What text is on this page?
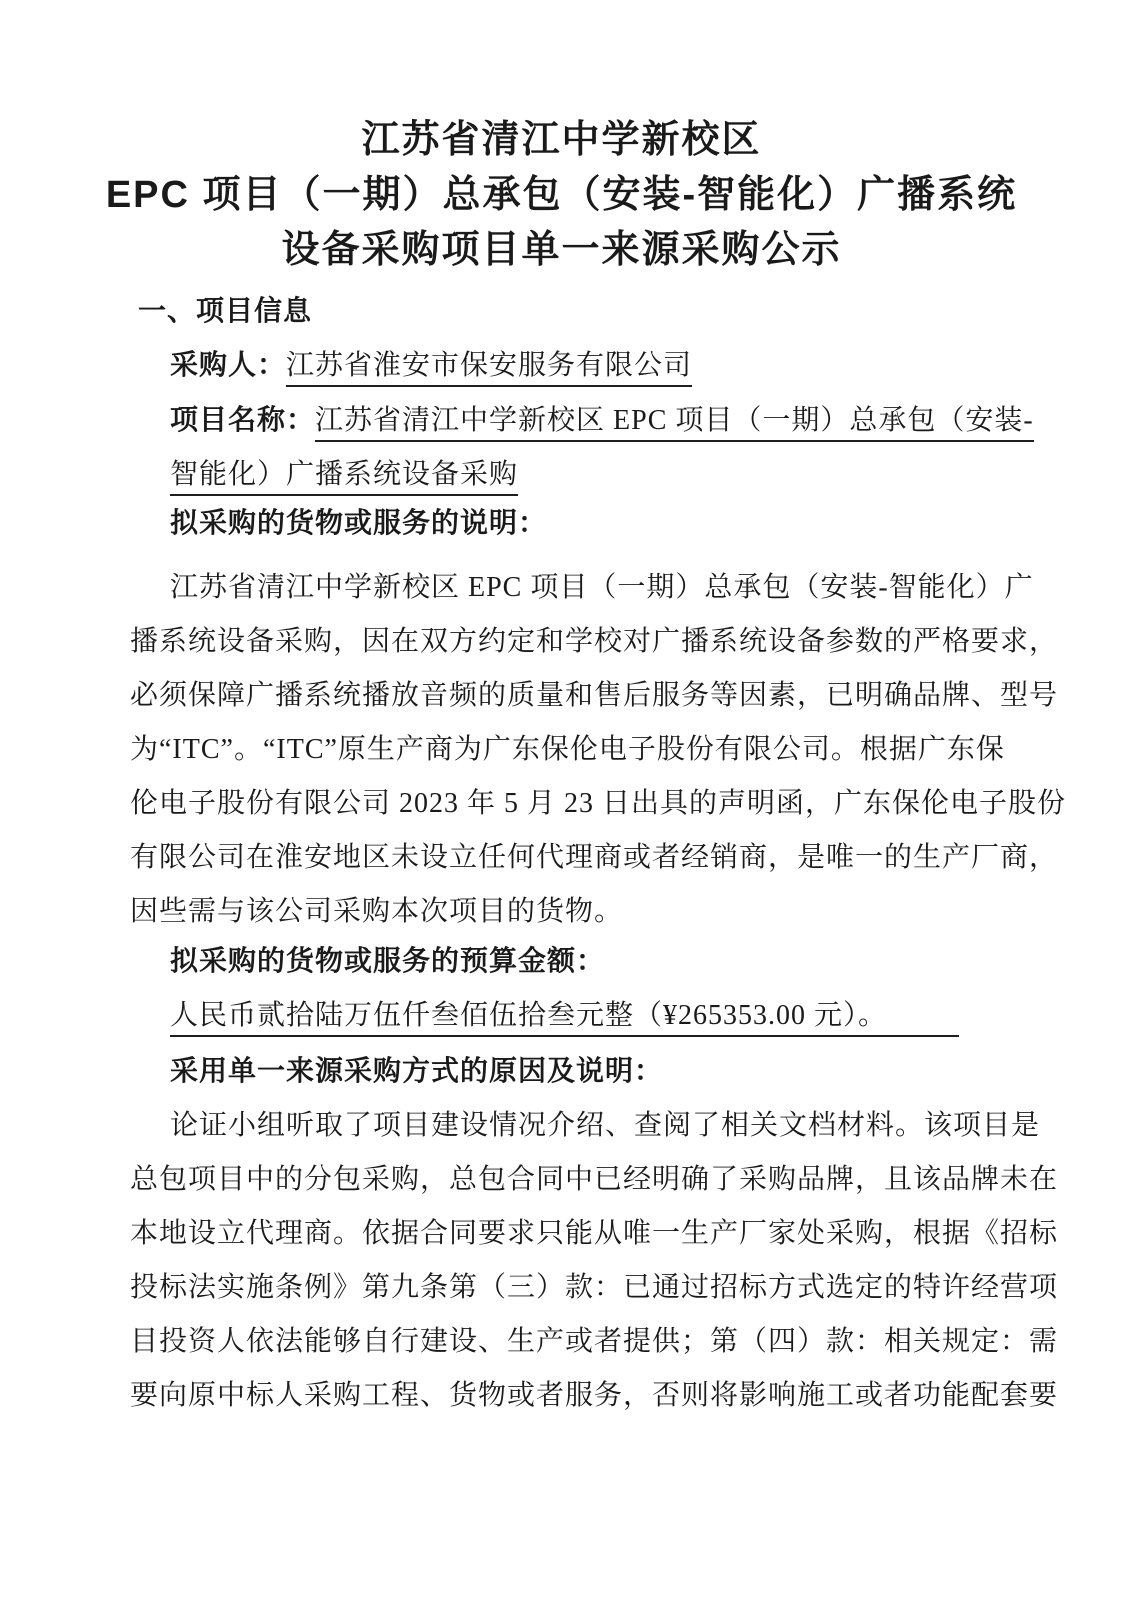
江苏省清江中学新校区
EPC 项目（一期）总承包（安装-智能化）广播系统
设备采购项目单一来源采购公示
一、项目信息
采购人：江苏省淮安市保安服务有限公司
项目名称：江苏省清江中学新校区 EPC 项目（一期）总承包（安装-
智能化）广播系统设备采购
拟采购的货物或服务的说明：
江苏省清江中学新校区 EPC 项目（一期）总承包（安装-智能化）广
播系统设备采购，因在双方约定和学校对广播系统设备参数的严格要求，
必须保障广播系统播放音频的质量和售后服务等因素，已明确品牌、型号
为“ITC”。“ITC”原生产商为广东保伦电子股份有限公司。根据广东保
伦电子股份有限公司 2023 年 5 月 23 日出具的声明函，广东保伦电子股份
有限公司在淮安地区未设立任何代理商或者经销商，是唯一的生产厂商，
因些需与该公司采购本次项目的货物。
拟采购的货物或服务的预算金额：
人民币贰拾陆万伍仟叁佰伍拾叁元整（¥265353.00 元）。
采用单一来源采购方式的原因及说明：
论证小组听取了项目建设情况介绍、查阅了相关文档材料。该项目是
总包项目中的分包采购，总包合同中已经明确了采购品牌，且该品牌未在
本地设立代理商。依据合同要求只能从唯一生产厂家处采购，根据《招标
投标法实施条例》第九条第（三）款：已通过招标方式选定的特许经营项
目投资人依法能够自行建设、生产或者提供；第（四）款：相关规定：需
要向原中标人采购工程、货物或者服务，否则将影响施工或者功能配套要
